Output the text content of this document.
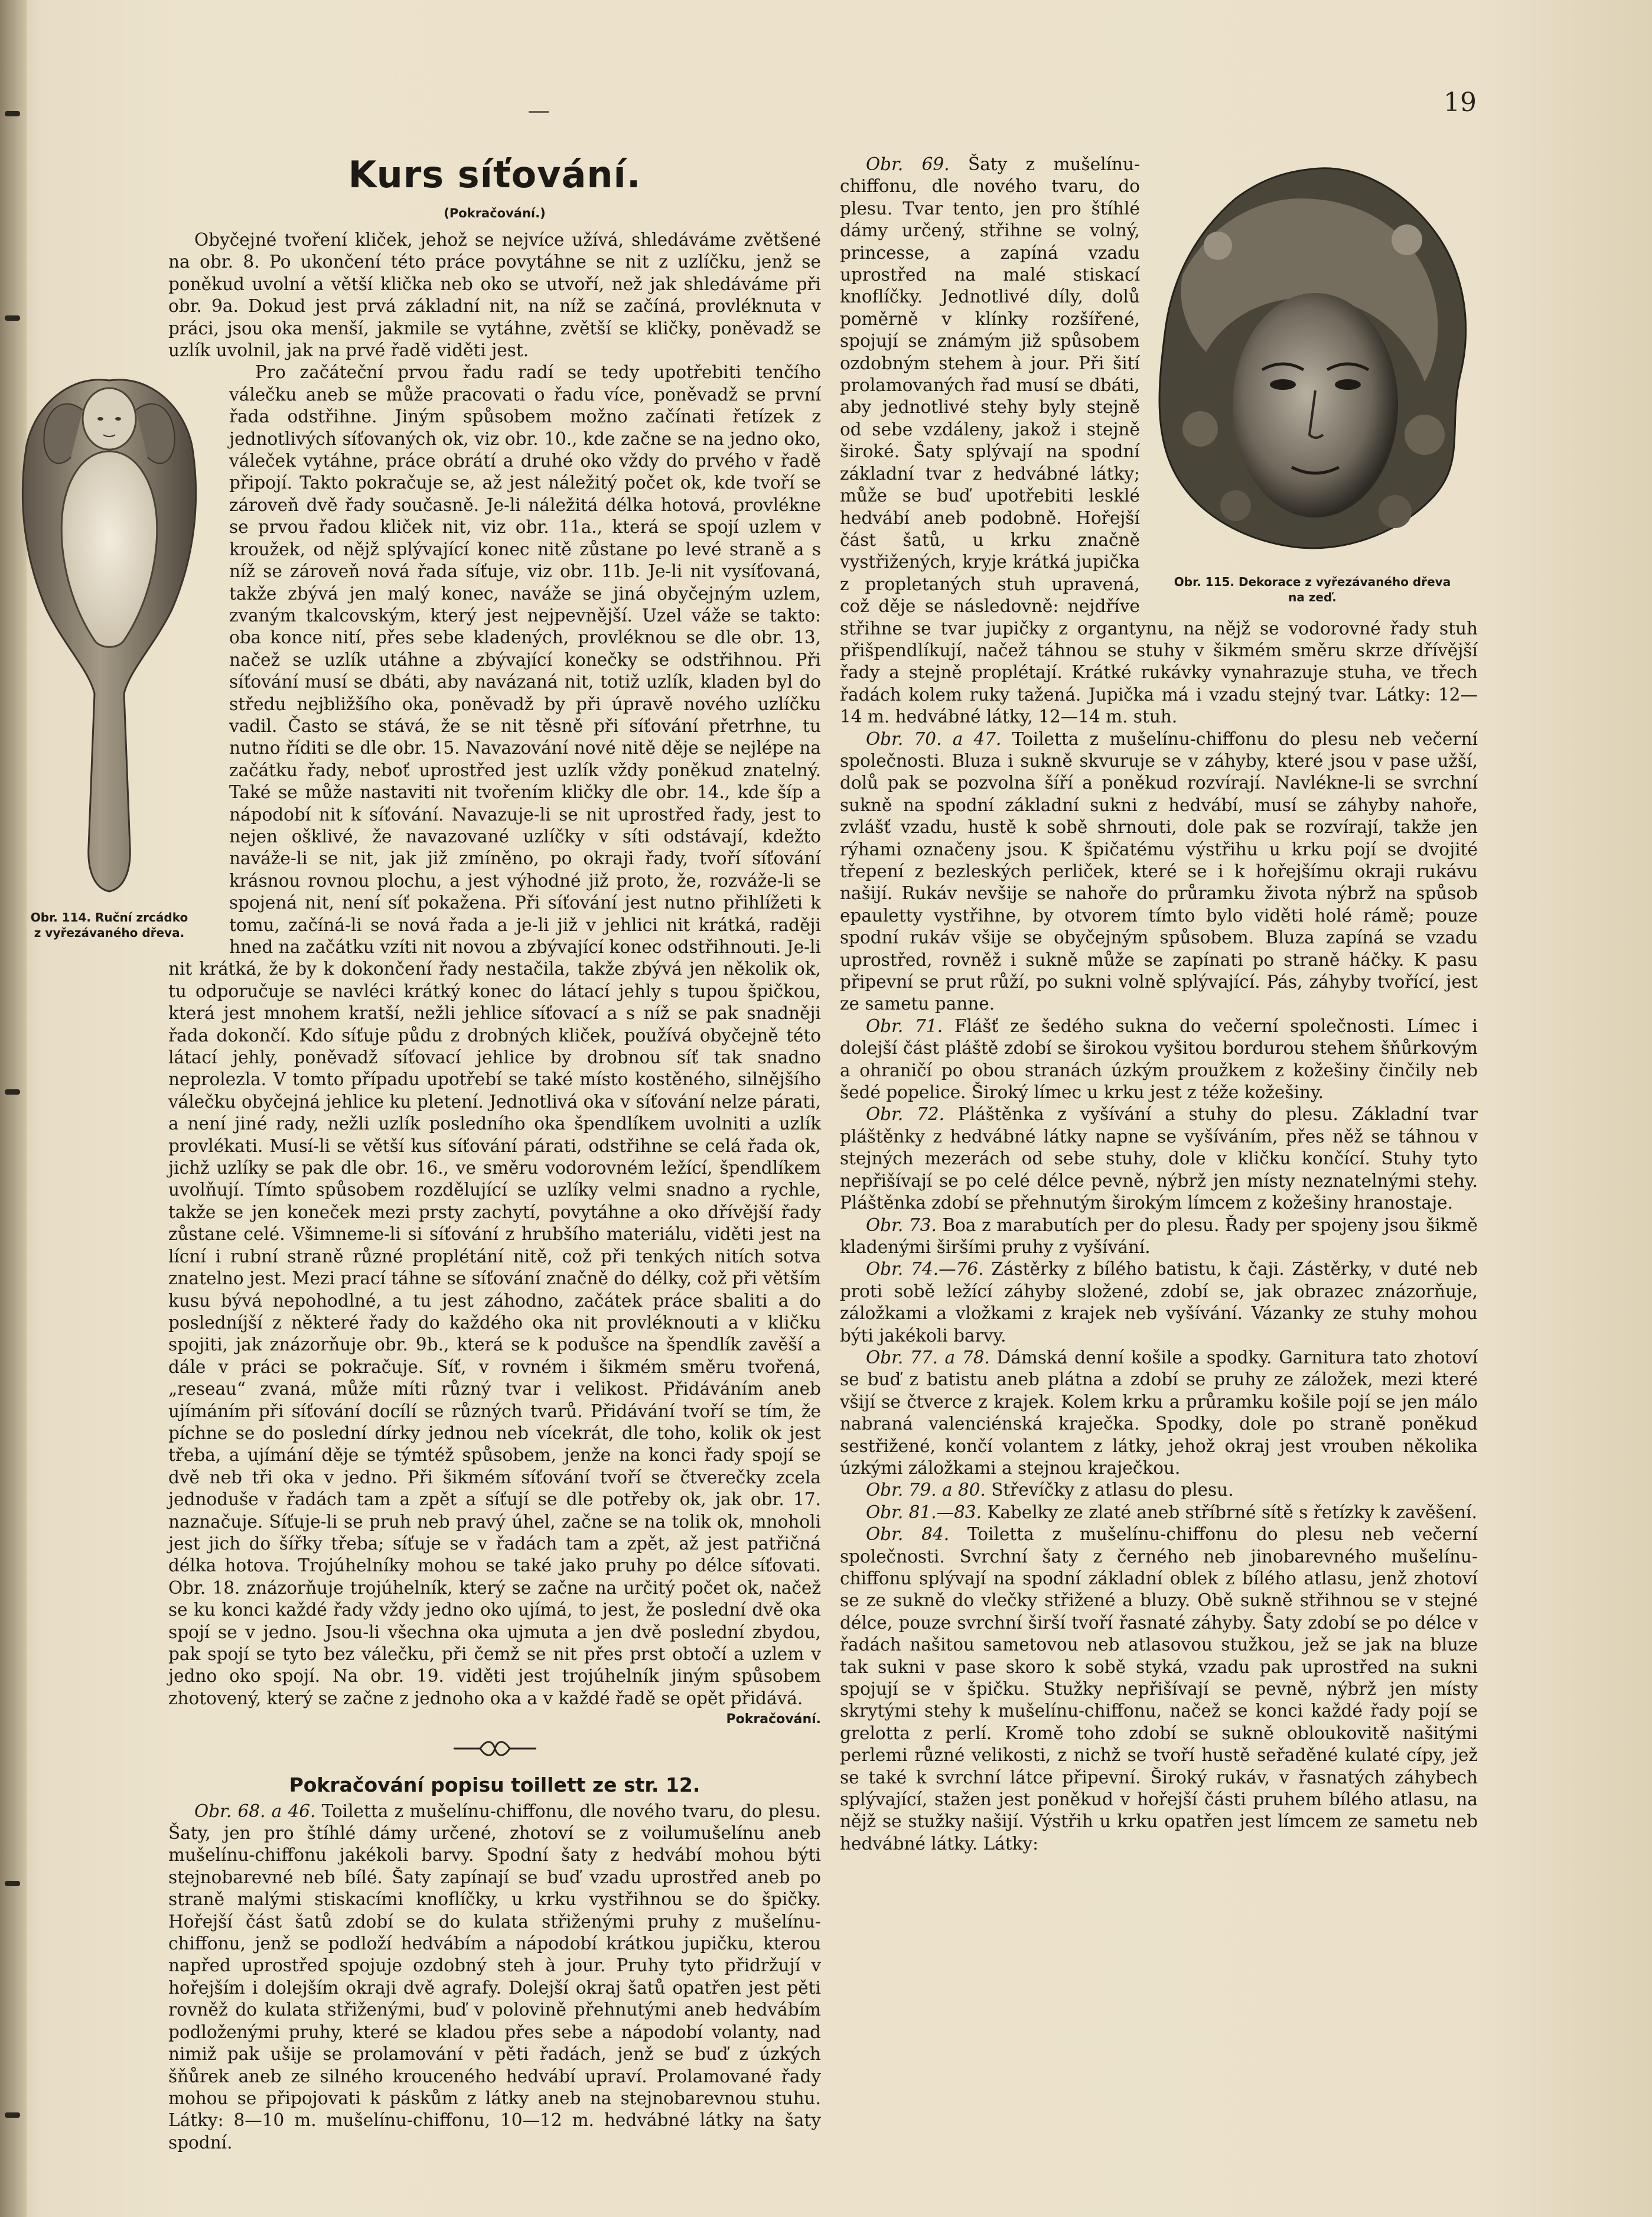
19
Kurs síťování.
(Pokračování.)

Obyčejné tvoření kliček, jehož se nejvíce užívá, shledáváme zvětšené na obr. 8. Po ukončení této práce povytáhne se nit z uzlíčku, jenž se poněkud uvolní a větší klička neb oko se utvoří, než jak shledáváme při obr. 9a. Dokud jest prvá základní nit, na níž se začíná, provléknuta v práci, jsou oka menší, jakmile se vytáhne, zvětší se kličky, poněvadž se uzlík uvolnil, jak na prvé řadě viděti jest.

Obr. 114. Ruční zrcádko
z vyřezávaného dřeva.

Pro začáteční prvou řadu radí se tedy upotřebiti tenčího válečku aneb se může pracovati o řadu více, poněvadž se první řada odstřihne. Jiným spůsobem možno začínati řetízek z jednotlivých síťovaných ok, viz obr. 10., kde začne se na jedno oko, váleček vytáhne, práce obrátí a druhé oko vždy do prvého v řadě připojí. Takto pokračuje se, až jest náležitý počet ok, kde tvoří se zároveň dvě řady současně. Je-li náležitá délka hotová, provlékne se prvou řadou kliček nit, viz obr. 11a., která se spojí uzlem v kroužek, od nějž splývající konec nitě zůstane po levé straně a s níž se zároveň nová řada síťuje, viz obr. 11b. Je-li nit vysíťovaná, takže zbývá jen malý konec, naváže se jiná obyčejným uzlem, zvaným tkalcovským, který jest nejpevnější. Uzel váže se takto: oba konce nití, přes sebe kladených, provléknou se dle obr. 13, načež se uzlík utáhne a zbývající konečky se odstřihnou. Při síťování musí se dbáti, aby navázaná nit, totiž uzlík, kladen byl do středu nejbližšího oka, poněvadž by při úpravě nového uzlíčku vadil. Často se stává, že se nit těsně při síťování přetrhne, tu nutno říditi se dle obr. 15. Navazování nové nitě děje se nejlépe na začátku řady, neboť uprostřed jest uzlík vždy poněkud znatelný. Také se může nastaviti nit tvořením kličky dle obr. 14., kde šíp a nápodobí nit k síťování. Navazuje-li se nit uprostřed řady, jest to nejen ošklivé, že navazované uzlíčky v síti odstávají, kdežto naváže-li se nit, jak již zmíněno, po okraji řady, tvoří síťování krásnou rovnou plochu, a jest výhodné již proto, že, rozváže-li se spojená nit, není síť pokažena. Při síťování jest nutno přihlížeti k tomu, začíná-li se nová řada a je-li již v jehlici nit krátká, raději hned na začátku vzíti nit novou a zbývající konec odstřihnouti. Je-li nit krátká, že by k dokončení řady nestačila, takže zbývá jen několik ok, tu odporučuje se navléci krátký konec do látací jehly s tupou špičkou, která jest mnohem kratší, nežli jehlice síťovací a s níž se pak snadněji řada dokončí. Kdo síťuje půdu z drobných kliček, používá obyčejně této látací jehly, poněvadž síťovací jehlice by drobnou síť tak snadno neprolezla. V tomto případu upotřebí se také místo kostěného, silnějšího válečku obyčejná jehlice ku pletení. Jednotlivá oka v síťování nelze párati, a není jiné rady, nežli uzlík posledního oka špendlíkem uvolniti a uzlík provlékati. Musí-li se větší kus síťování párati, odstřihne se celá řada ok, jichž uzlíky se pak dle obr. 16., ve směru vodorovném ležící, špendlíkem uvolňují. Tímto spůsobem rozdělující se uzlíky velmi snadno a rychle, takže se jen koneček mezi prsty zachytí, povytáhne a oko dřívější řady zůstane celé. Všimneme-li si síťování z hrubšího materiálu, viděti jest na lícní i rubní straně různé proplétání nitě, což při tenkých nitích sotva znatelno jest. Mezi prací táhne se síťování značně do délky, což při větším kusu bývá nepohodlné, a tu jest záhodno, začátek práce sbaliti a do posledníjší z některé řady do každého oka nit provléknouti a v kličku spojiti, jak znázorňuje obr. 9b., která se k podušce na špendlík zavěší a dále v práci se pokračuje. Síť, v rovném i šikmém směru tvořená, „reseau“ zvaná, může míti různý tvar i velikost. Přidáváním aneb ujímáním při síťování docílí se různých tvarů. Přidávání tvoří se tím, že píchne se do poslední dírky jednou neb vícekrát, dle toho, kolik ok jest třeba, a ujímání děje se týmtéž spůsobem, jenže na konci řady spojí se dvě neb tři oka v jedno. Při šikmém síťování tvoří se čtverečky zcela jednoduše v řadách tam a zpět a síťují se dle potřeby ok, jak obr. 17. naznačuje. Síťuje-li se pruh neb pravý úhel, začne se na tolik ok, mnoholi jest jich do šířky třeba; síťuje se v řadách tam a zpět, až jest patřičná délka hotova. Trojúhelníky mohou se také jako pruhy po délce síťovati. Obr. 18. znázorňuje trojúhelník, který se začne na určitý počet ok, načež se ku konci každé řady vždy jedno oko ujímá, to jest, že poslední dvě oka spojí se v jedno. Jsou-li všechna oka ujmuta a jen dvě poslední zbydou, pak spojí se tyto bez válečku, při čemž se nit přes prst obtočí a uzlem v jedno oko spojí. Na obr. 19. viděti jest trojúhelník jiným spůsobem zhotovený, který se začne z jednoho oka a v každé řadě se opět přidává.

Pokračování.
Pokračování popisu toillett ze str. 12.

Obr. 68. a 46. Toiletta z mušelínu-chiffonu, dle nového tvaru, do plesu. Šaty, jen pro štíhlé dámy určené, zhotoví se z voilumušelínu aneb mušelínu-chiffonu jakékoli barvy. Spodní šaty z hedvábí mohou býti stejnobarevné neb bílé. Šaty zapínají se buď vzadu uprostřed aneb po straně malými stiskacími knoflíčky, u krku vystřihnou se do špičky. Hořejší část šatů zdobí se do kulata střiženými pruhy z mušelínu-chiffonu, jenž se podloží hedvábím a nápodobí krátkou jupičku, kterou napřed uprostřed spojuje ozdobný steh à jour. Pruhy tyto přidržují v hořejším i dolejším okraji dvě agrafy. Dolejší okraj šatů opatřen jest pěti rovněž do kulata střiženými, buď v polovině přehnutými aneb hedvábím podloženými pruhy, které se kladou přes sebe a nápodobí volanty, nad nimiž pak ušije se prolamování v pěti řadách, jenž se buď z úzkých šňůrek aneb ze silného krouceného hedvábí upraví. Prolamované řady mohou se připojovati k páskům z látky aneb na stejnobarevnou stuhu. Látky: 8—10 m. mušelínu-chiffonu, 10—12 m. hedvábné látky na šaty spodní.

Obr. 115. Dekorace z vyřezávaného dřeva
na zeď.

Obr. 69. Šaty z mušelínu-chiffonu, dle nového tvaru, do plesu. Tvar tento, jen pro štíhlé dámy určený, střihne se volný, princesse, a zapíná vzadu uprostřed na malé stiskací knoflíčky. Jednotlivé díly, dolů poměrně v klínky rozšířené, spojují se známým již spůsobem ozdobným stehem à jour. Při šití prolamovaných řad musí se dbáti, aby jednotlivé stehy byly stejně od sebe vzdáleny, jakož i stejně široké. Šaty splývají na spodní základní tvar z hedvábné látky; může se buď upotřebiti lesklé hedvábí aneb podobně. Hořejší část šatů, u krku značně vystřižených, kryje krátká jupička z propletaných stuh upravená, což děje se následovně: nejdříve střihne se tvar jupičky z organtynu, na nějž se vodorovné řady stuh přišpendlíkují, načež táhnou se stuhy v šikmém směru skrze dřívější řady a stejně proplétají. Krátké rukávky vynahrazuje stuha, ve třech řadách kolem ruky tažená. Jupička má i vzadu stejný tvar. Látky: 12—14 m. hedvábné látky, 12—14 m. stuh.

Obr. 70. a 47. Toiletta z mušelínu-chiffonu do plesu neb večerní společnosti. Bluza i sukně skvuruje se v záhyby, které jsou v pase užší, dolů pak se pozvolna šíří a poněkud rozvírají. Navlékne-li se svrchní sukně na spodní základní sukni z hedvábí, musí se záhyby nahoře, zvlášť vzadu, hustě k sobě shrnouti, dole pak se rozvírají, takže jen rýhami označeny jsou. K špičatému výstřihu u krku pojí se dvojité třepení z bezleských perliček, které se i k hořejšímu okraji rukávu našijí. Rukáv nevšije se nahoře do průramku života nýbrž na spůsob epauletty vystřihne, by otvorem tímto bylo viděti holé rámě; pouze spodní rukáv všije se obyčejným spůsobem. Bluza zapíná se vzadu uprostřed, rovněž i sukně může se zapínati po straně háčky. K pasu připevní se prut růží, po sukni volně splývající. Pás, záhyby tvořící, jest ze sametu panne.

Obr. 71. Flášť ze šedého sukna do večerní společnosti. Límec i dolejší část pláště zdobí se širokou vyšitou bordurou stehem šňůrkovým a ohraničí po obou stranách úzkým proužkem z kožešiny činčily neb šedé popelice. Široký límec u krku jest z téže kožešiny.

Obr. 72. Pláštěnka z vyšívání a stuhy do plesu. Základní tvar pláštěnky z hedvábné látky napne se vyšíváním, přes něž se táhnou v stejných mezerách od sebe stuhy, dole v kličku končící. Stuhy tyto nepřišívají se po celé délce pevně, nýbrž jen místy neznatelnými stehy. Pláštěnka zdobí se přehnutým širokým límcem z kožešiny hranostaje.

Obr. 73. Boa z marabutích per do plesu. Řady per spojeny jsou šikmě kladenými širšími pruhy z vyšívání.

Obr. 74.—76. Zástěrky z bílého batistu, k čaji. Zástěrky, v duté neb proti sobě ležící záhyby složené, zdobí se, jak obrazec znázorňuje, záložkami a vložkami z krajek neb vyšívání. Vázanky ze stuhy mohou býti jakékoli barvy.

Obr. 77. a 78. Dámská denní košile a spodky. Garnitura tato zhotoví se buď z batistu aneb plátna a zdobí se pruhy ze záložek, mezi které všijí se čtverce z krajek. Kolem krku a průramku košile pojí se jen málo nabraná valenciénská kraječka. Spodky, dole po straně poněkud sestřižené, končí volantem z látky, jehož okraj jest vrouben několika úzkými záložkami a stejnou kraječkou.

Obr. 79. a 80. Střevíčky z atlasu do plesu.

Obr. 81.—83. Kabelky ze zlaté aneb stříbrné sítě s řetízky k zavěšení.

Obr. 84. Toiletta z mušelínu-chiffonu do plesu neb večerní společnosti. Svrchní šaty z černého neb jinobarevného mušelínu-chiffonu splývají na spodní základní oblek z bílého atlasu, jenž zhotoví se ze sukně do vlečky střižené a bluzy. Obě sukně střihnou se v stejné délce, pouze svrchní širší tvoří řasnaté záhyby. Šaty zdobí se po délce v řadách našitou sametovou neb atlasovou stužkou, jež se jak na bluze tak sukni v pase skoro k sobě styká, vzadu pak uprostřed na sukni spojují se v špičku. Stužky nepřišívají se pevně, nýbrž jen místy skrytými stehy k mušelínu-chiffonu, načež se konci každé řady pojí se grelotta z perlí. Kromě toho zdobí se sukně obloukovitě našitými perlemi různé velikosti, z nichž se tvoří hustě seřaděné kulaté cípy, jež se také k svrchní látce připevní. Široký rukáv, v řasnatých záhybech splývající, stažen jest poněkud v hořejší části pruhem bílého atlasu, na nějž se stužky našijí. Výstřih u krku opatřen jest límcem ze sametu neb hedvábné látky. Látky:
